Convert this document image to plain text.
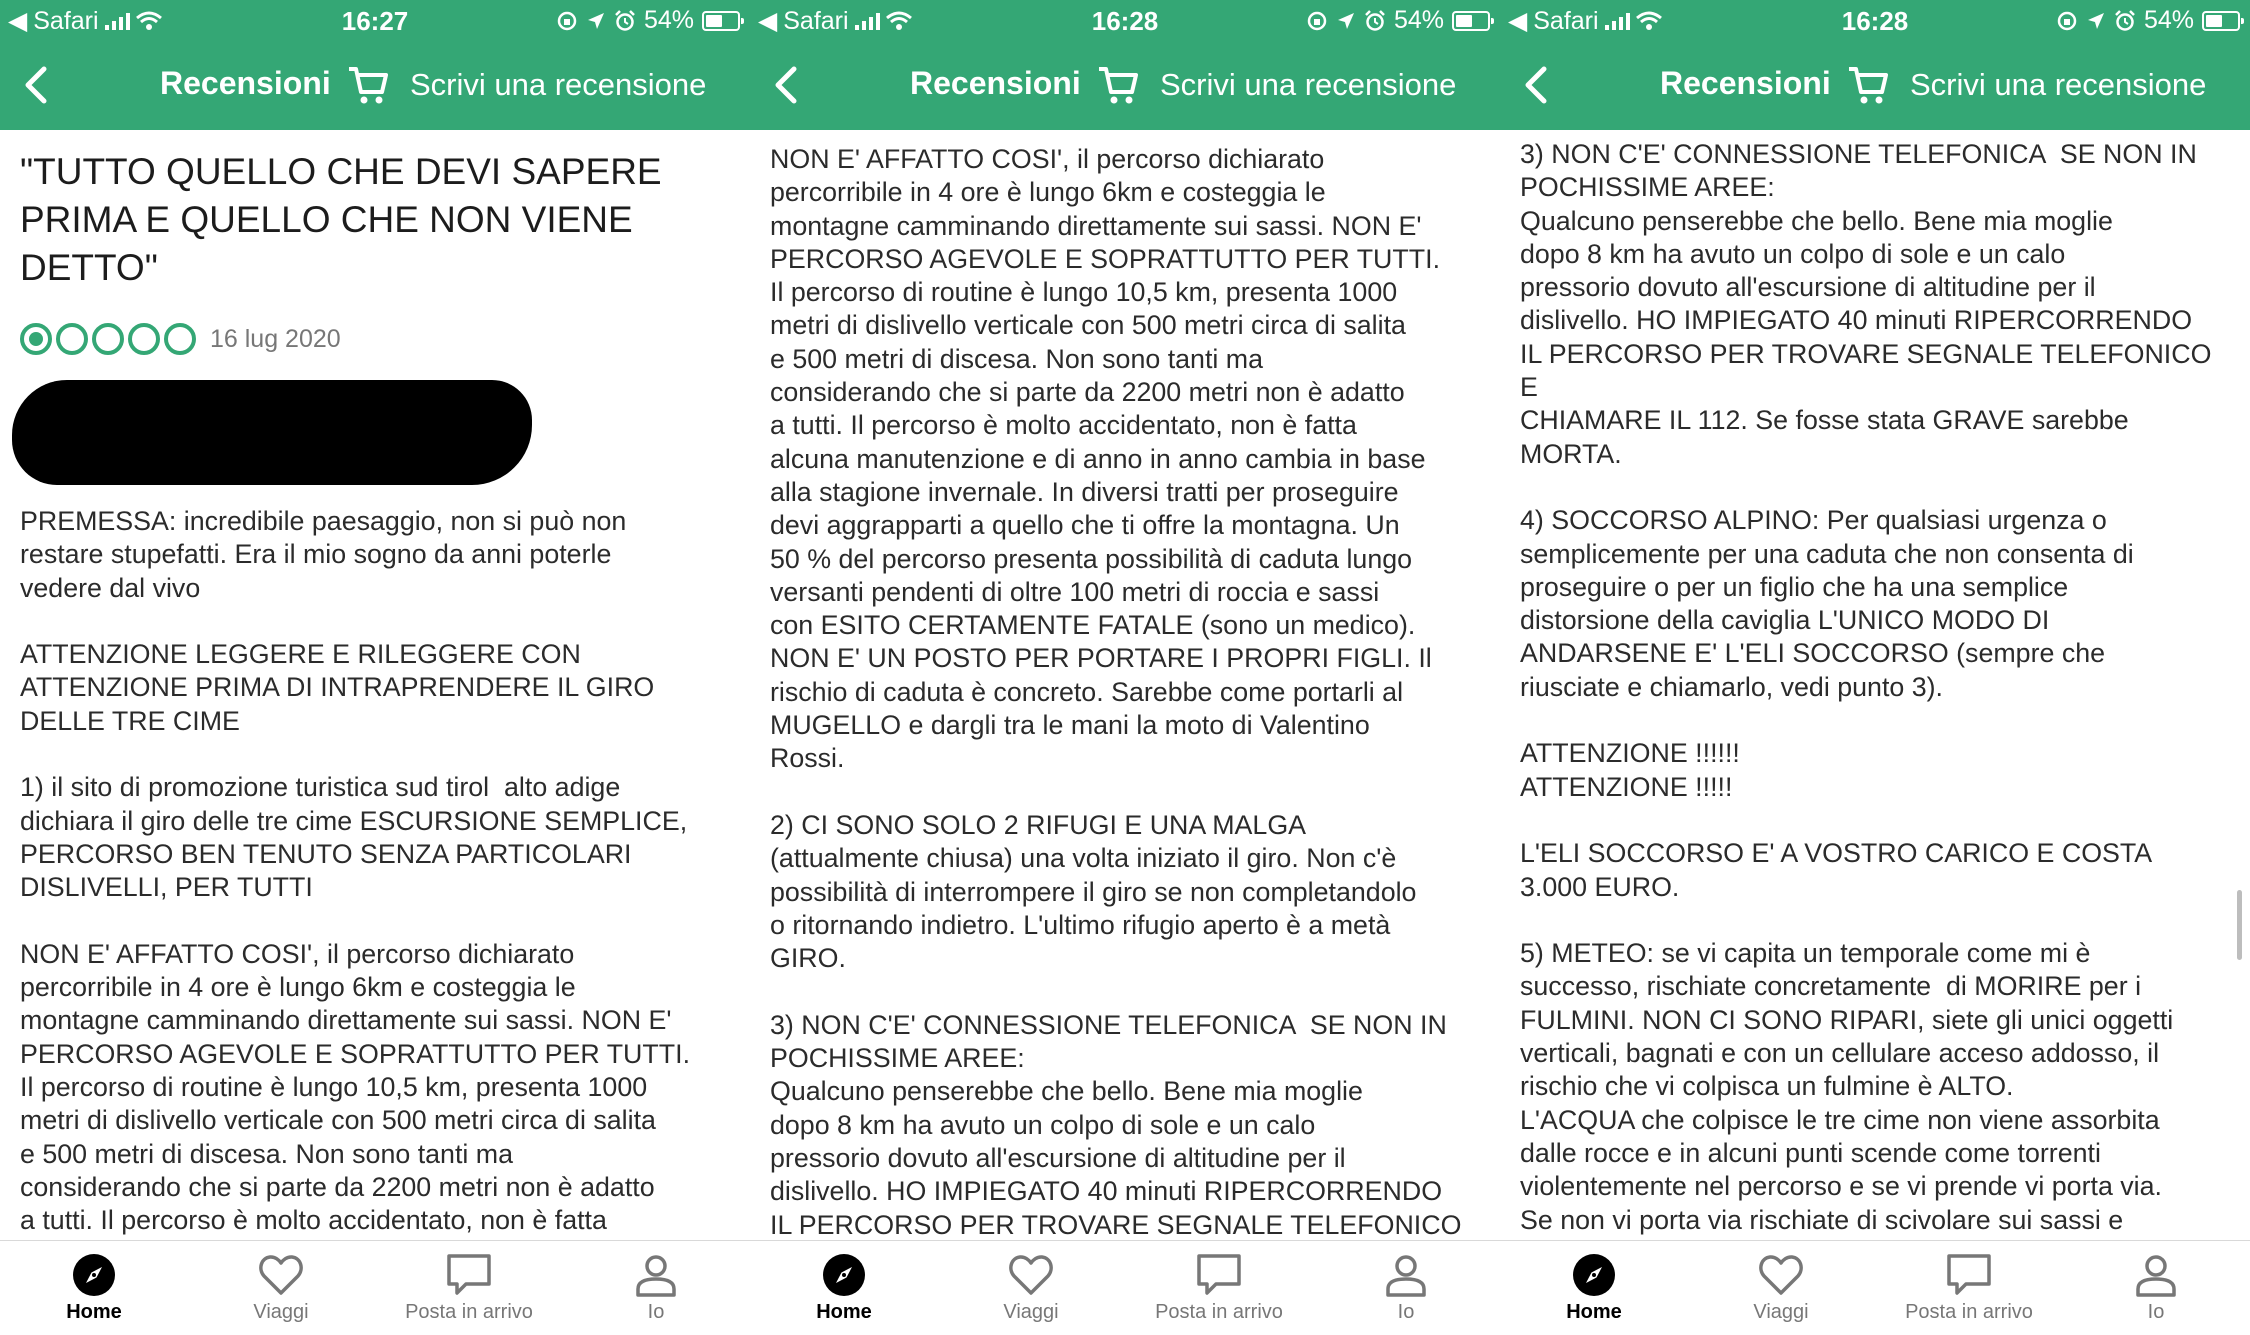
◀ Safari	16:27	54%
Recensioni	Scrivi una recensione
"TUTTO QUELLO CHE DEVI SAPERE PRIMA E QUELLO CHE NON VIENE DETTO"
16 lug 2020

PREMESSA: incredibile paesaggio, non si può non
restare stupefatti. Era il mio sogno da anni poterle
vedere dal vivo

ATTENZIONE LEGGERE E RILEGGERE CON
ATTENZIONE PRIMA DI INTRAPRENDERE IL GIRO
DELLE TRE CIME

1) il sito di promozione turistica sud tirol  alto adige
dichiara il giro delle tre cime ESCURSIONE SEMPLICE,
PERCORSO BEN TENUTO SENZA PARTICOLARI
DISLIVELLI, PER TUTTI

NON E' AFFATTO COSI', il percorso dichiarato
percorribile in 4 ore è lungo 6km e costeggia le
montagne camminando direttamente sui sassi. NON E'
PERCORSO AGEVOLE E SOPRATTUTTO PER TUTTI.
Il percorso di routine è lungo 10,5 km, presenta 1000
metri di dislivello verticale con 500 metri circa di salita
e 500 metri di discesa. Non sono tanti ma
considerando che si parte da 2200 metri non è adatto
a tutti. Il percorso è molto accidentato, non è fatta

Home	Viaggi	Posta in arrivo	Io
◀ Safari	16:28	54%
Recensioni	Scrivi una recensione

NON E' AFFATTO COSI', il percorso dichiarato
percorribile in 4 ore è lungo 6km e costeggia le
montagne camminando direttamente sui sassi. NON E'
PERCORSO AGEVOLE E SOPRATTUTTO PER TUTTI.
Il percorso di routine è lungo 10,5 km, presenta 1000
metri di dislivello verticale con 500 metri circa di salita
e 500 metri di discesa. Non sono tanti ma
considerando che si parte da 2200 metri non è adatto
a tutti. Il percorso è molto accidentato, non è fatta
alcuna manutenzione e di anno in anno cambia in base
alla stagione invernale. In diversi tratti per proseguire
devi aggrapparti a quello che ti offre la montagna. Un
50 % del percorso presenta possibilità di caduta lungo
versanti pendenti di oltre 100 metri di roccia e sassi
con ESITO CERTAMENTE FATALE (sono un medico).
NON E' UN POSTO PER PORTARE I PROPRI FIGLI. Il
rischio di caduta è concreto. Sarebbe come portarli al
MUGELLO e dargli tra le mani la moto di Valentino
Rossi.

2) CI SONO SOLO 2 RIFUGI E UNA MALGA
(attualmente chiusa) una volta iniziato il giro. Non c'è
possibilità di interrompere il giro se non completandolo
o ritornando indietro. L'ultimo rifugio aperto è a metà
GIRO.

3) NON C'E' CONNESSIONE TELEFONICA  SE NON IN
POCHISSIME AREE:
Qualcuno penserebbe che bello. Bene mia moglie
dopo 8 km ha avuto un colpo di sole e un calo
pressorio dovuto all'escursione di altitudine per il
dislivello. HO IMPIEGATO 40 minuti RIPERCORRENDO
IL PERCORSO PER TROVARE SEGNALE TELEFONICO

Home	Viaggi	Posta in arrivo	Io
◀ Safari	16:28	54%
Recensioni	Scrivi una recensione

3) NON C'E' CONNESSIONE TELEFONICA  SE NON IN
POCHISSIME AREE:
Qualcuno penserebbe che bello. Bene mia moglie
dopo 8 km ha avuto un colpo di sole e un calo
pressorio dovuto all'escursione di altitudine per il
dislivello. HO IMPIEGATO 40 minuti RIPERCORRENDO
IL PERCORSO PER TROVARE SEGNALE TELEFONICO E
CHIAMARE IL 112. Se fosse stata GRAVE sarebbe
MORTA.

4) SOCCORSO ALPINO: Per qualsiasi urgenza o
semplicemente per una caduta che non consenta di
proseguire o per un figlio che ha una semplice
distorsione della caviglia L'UNICO MODO DI
ANDARSENE E' L'ELI SOCCORSO (sempre che
riusciate e chiamarlo, vedi punto 3).

ATTENZIONE !!!!!!
ATTENZIONE !!!!!

L'ELI SOCCORSO E' A VOSTRO CARICO E COSTA
3.000 EURO.

5) METEO: se vi capita un temporale come mi è
successo, rischiate concretamente  di MORIRE per i
FULMINI. NON CI SONO RIPARI, siete gli unici oggetti
verticali, bagnati e con un cellulare acceso addosso, il
rischio che vi colpisca un fulmine è ALTO.
L'ACQUA che colpisce le tre cime non viene assorbita
dalle rocce e in alcuni punti scende come torrenti
violentemente nel percorso e se vi prende vi porta via.
Se non vi porta via rischiate di scivolare sui sassi e

Home	Viaggi	Posta in arrivo	Io
